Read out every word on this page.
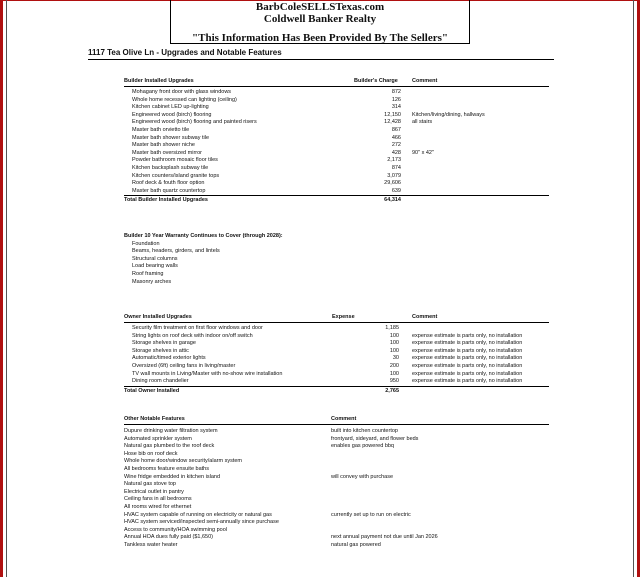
BarbColeSELLSTexas.com
Coldwell Banker Realty
"This Information Has Been Provided By The Sellers"
1117 Tea Olive Ln - Upgrades and Notable Features
Builder Installed Upgrades	Builder's Charge	Comment
Mohagany front door with glass windows	872
Whole home recessed can lighting (ceiling)	126
Kitchen cabinet LED up-lighting	314
Engineered wood (birch) flooring	12,150 Kitchen/living/dining, hallways
Engineered wood (birch) flooring and painted risers	12,428 all stairs
Master bath orvietto tile	867
Master bath shower subway tile	466
Master bath shower niche	272
Master bath oversized mirror	428 90" x 42"
Powder bathroom mosaic floor tiles	2,173
Kitchen backsplash subway tile	874
Kitchen counters/island granite tops	3,079
Roof deck & fouth floor option	29,606
Master bath quartz countertop	639
Total Builder Installed Upgrades	64,314
Builder 10 Year Warranty Continues to Cover (through 2028):
Foundation
Beams, headers, girders, and lintels
Structural columns
Load bearing walls
Roof framing
Masonry arches
Owner Installed Upgrades	Expense	Comment
Security film treatment on first floor windows and door	1,185
String lights on roof deck with indoor on/off switch	100 expense estimate is parts only, no installation
Storage shelves in garage	100 expense estimate is parts only, no installation
Storage shelves in attic	100 expense estimate is parts only, no installation
Automatic/timed exterior lights	30 expense estimate is parts only, no installation
Oversized (6ft) ceiling fans in living/master	200 expense estimate is parts only, no installation
TV wall mounts in Living/Master with no-show wire installation	100 expense estimate is parts only, no installation
Dining room chandelier	950 expense estimate is parts only, no installation
Total Owner Installed	2,765
Other Notable Features	Comment
Dupure drinking water filtration system	built into kitchen countertop
Automated sprinkler system	frontyard, sideyard, and flower beds
Natural gas plumbed to the roof deck	enables gas powered bbq
Hose bib on roof deck
Whole home door/window security/alarm system
All bedrooms feature ensuite baths
Wine fridge embedded in kitchen island	will convey with purchase
Natural gas stove top
Electrical outlet in pantry
Ceiling fans in all bedrooms
All rooms wired for ethernet
HVAC system capable of running on electricity or natural gas	currently set up to run on electric
HVAC system serviced/inspected semi-annually since purchase
Access to community/HOA swimming pool
Annual HOA dues fully paid ($1,650)	next annual payment not due until Jan 2026
Tankless water heater	natural gas powered
